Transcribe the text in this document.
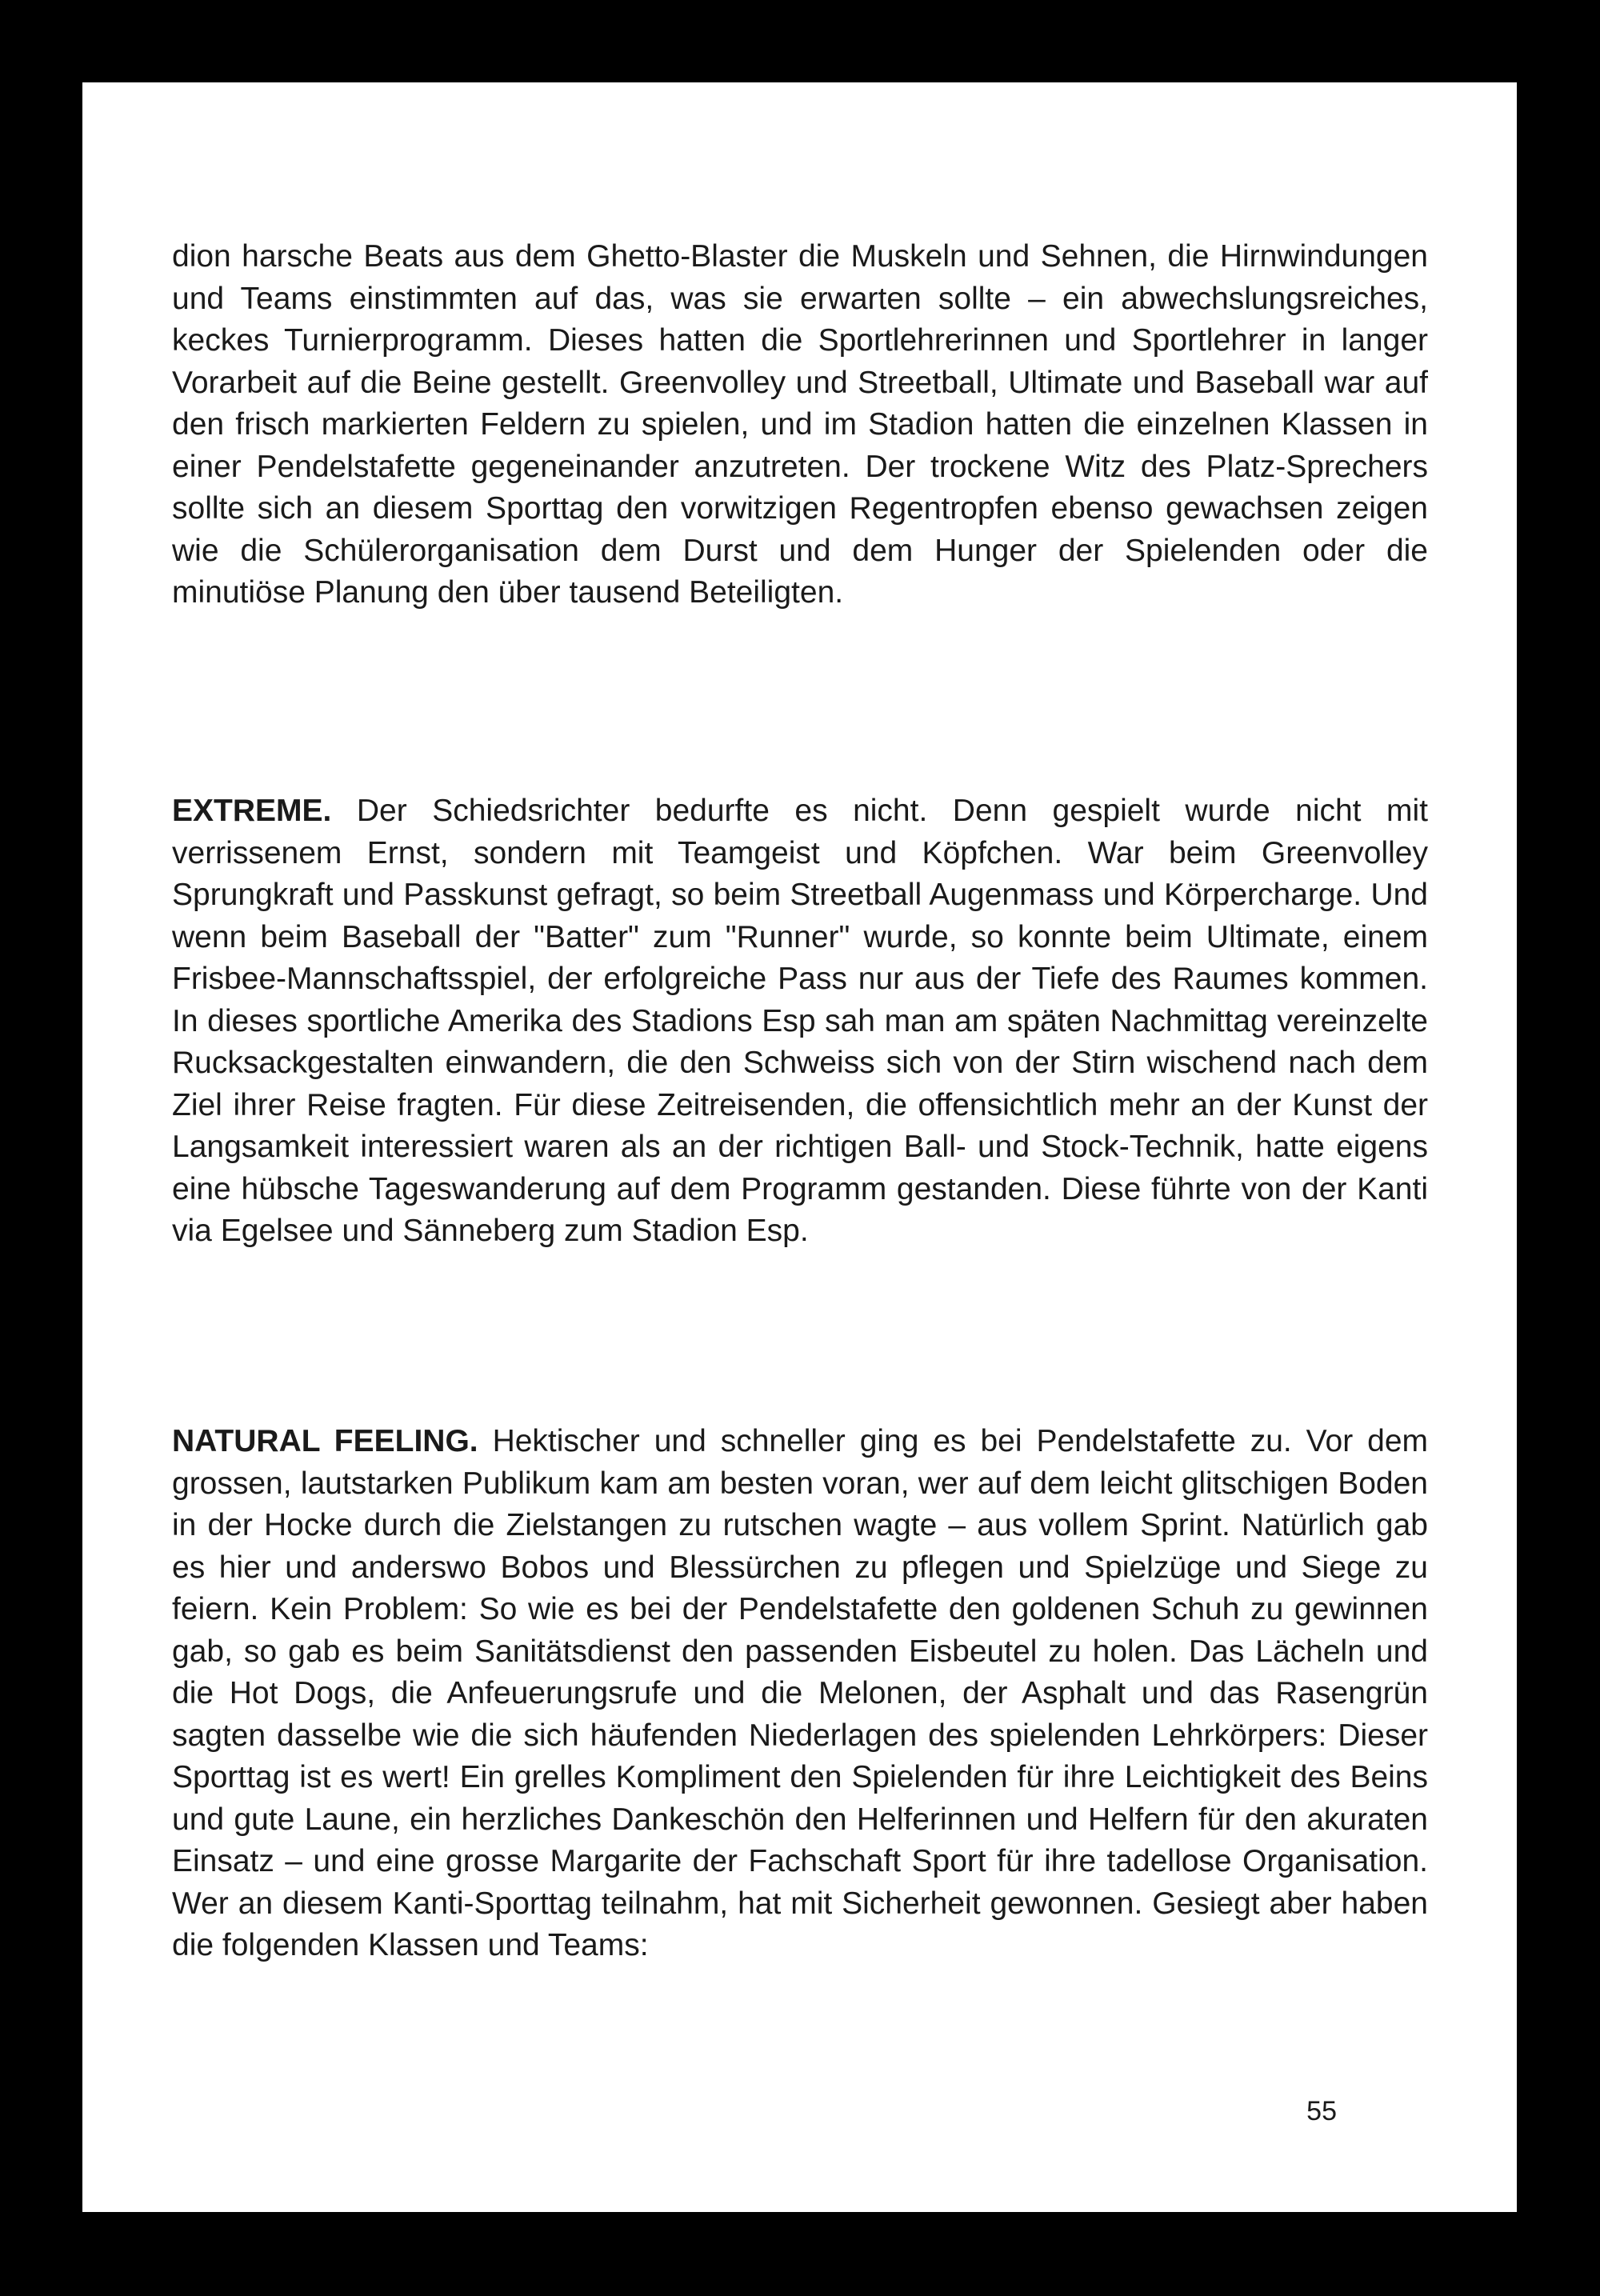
dion harsche Beats aus dem Ghetto-Blaster die Muskeln und Sehnen, die Hirnwindungen und Teams einstimmten auf das, was sie erwarten sollte – ein abwechslungsreiches, keckes Turnierprogramm. Dieses hatten die Sportlehrerinnen und Sportlehrer in langer Vorarbeit auf die Beine gestellt. Greenvolley und Streetball, Ultimate und Baseball war auf den frisch markierten Feldern zu spielen, und im Stadion hatten die einzelnen Klassen in einer Pendelstafette gegeneinander anzutreten. Der trockene Witz des Platz-Sprechers sollte sich an diesem Sporttag den vorwitzigen Regentropfen ebenso gewachsen zeigen wie die Schülerorganisation dem Durst und dem Hunger der Spielenden oder die minutiöse Planung den über tausend Beteiligten.

EXTREME. Der Schiedsrichter bedurfte es nicht. Denn gespielt wurde nicht mit verrissenem Ernst, sondern mit Teamgeist und Köpfchen. War beim Greenvolley Sprungkraft und Passkunst gefragt, so beim Streetball Augenmass und Körpercharge. Und wenn beim Baseball der "Batter" zum "Runner" wurde, so konnte beim Ultimate, einem Frisbee-Mannschaftsspiel, der erfolgreiche Pass nur aus der Tiefe des Raumes kommen. In dieses sportliche Amerika des Stadions Esp sah man am späten Nachmittag vereinzelte Rucksackgestalten einwandern, die den Schweiss sich von der Stirn wischend nach dem Ziel ihrer Reise fragten. Für diese Zeitreisenden, die offensichtlich mehr an der Kunst der Langsamkeit interessiert waren als an der richtigen Ball- und Stock-Technik, hatte eigens eine hübsche Tageswanderung auf dem Programm gestanden. Diese führte von der Kanti via Egelsee und Sänneberg zum Stadion Esp.

NATURAL FEELING. Hektischer und schneller ging es bei Pendelstafette zu. Vor dem grossen, lautstarken Publikum kam am besten voran, wer auf dem leicht glitschigen Boden in der Hocke durch die Zielstangen zu rutschen wagte – aus vollem Sprint. Natürlich gab es hier und anderswo Bobos und Blessürchen zu pflegen und Spielzüge und Siege zu feiern. Kein Problem: So wie es bei der Pendelstafette den goldenen Schuh zu gewinnen gab, so gab es beim Sanitätsdienst den passenden Eisbeutel zu holen. Das Lächeln und die Hot Dogs, die Anfeuerungsrufe und die Melonen, der Asphalt und das Rasengrün sagten dasselbe wie die sich häufenden Niederlagen des spielenden Lehrkörpers: Dieser Sporttag ist es wert! Ein grelles Kompliment den Spielenden für ihre Leichtigkeit des Beins und gute Laune, ein herzliches Dankeschön den Helferinnen und Helfern für den akuraten Einsatz – und eine grosse Margarite der Fachschaft Sport für ihre tadellose Organisation. Wer an diesem Kanti-Sporttag teilnahm, hat mit Sicherheit gewonnen. Gesiegt aber haben die folgenden Klassen und Teams:

55
